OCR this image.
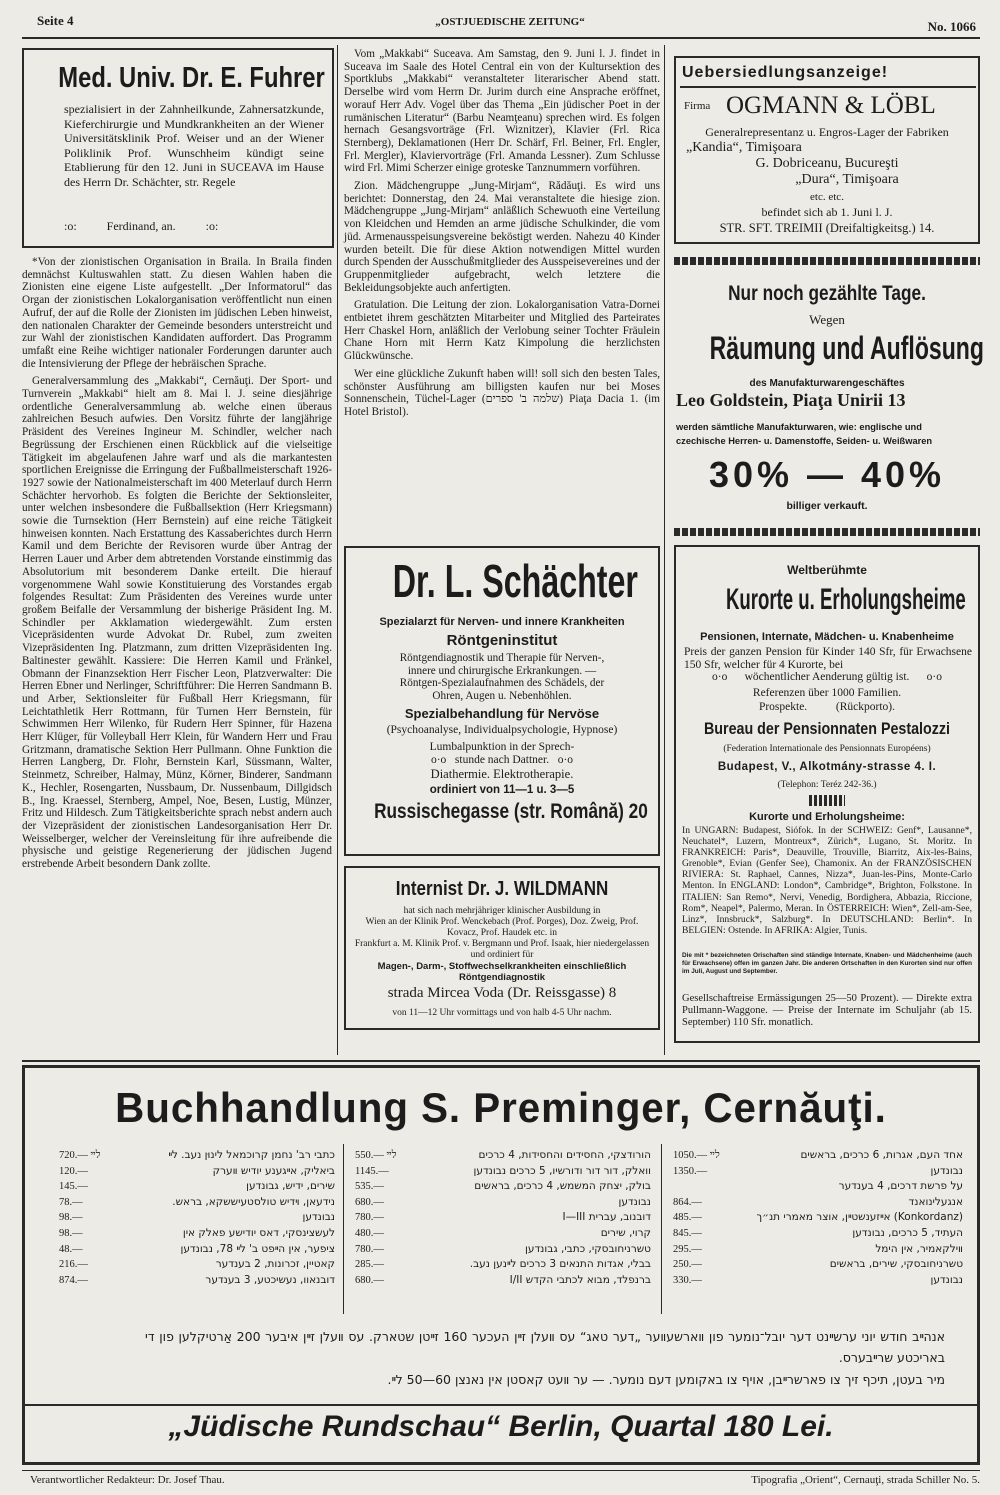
Seite 4	„OSTJUEDISCHE ZEITUNG“	No. 1066
Med. Univ. Dr. E. Fuhrer

spezialisiert in der Zahnheilkunde, Zahnersatzkunde, Kieferchirurgie und Mundkrankheiten an der Wiener Universitätsklinik Prof. Weiser und an der Wiener Poliklinik Prof. Wunschheim kündigt seine Etablierung für den 12. Juni in SUCEAVA im Hause des Herrn Dr. Schächter, str. Regele

:o:          Ferdinand, an.          :o:

*Von der zionistischen Organisation in Braila. In Braila finden demnächst Kultuswahlen statt. Zu diesen Wahlen haben die Zionisten eine eigene Liste aufgestellt. „Der Informatorul“ das Organ der zionistischen Lokalorganisation veröffentlicht nun einen Aufruf, der auf die Rolle der Zionisten im jüdischen Leben hinweist, den nationalen Charakter der Gemeinde besonders unterstreicht und zur Wahl der zionistischen Kandidaten auffordert. Das Programm umfaßt eine Reihe wichtiger nationaler Forderungen darunter auch die Intensivierung der Pflege der hebräischen Sprache.

Generalversammlung des „Makkabi“, Cernăuţi. Der Sport- und Turnverein „Makkabi“ hielt am 8. Mai l. J. seine diesjährige ordentliche Generalversammlung ab. welche einen überaus zahlreichen Besuch aufwies. Den Vorsitz führte der langjährige Präsident des Vereines Ingineur M. Schindler, welcher nach Begrüssung der Erschienen einen Rückblick auf die vielseitige Tätigkeit im abgelaufenen Jahre warf und als die markantesten sportlichen Ereignisse die Erringung der Fußballmeisterschaft 1926-1927 sowie der Nationalmeisterschaft im 400 Meterlauf durch Herrn Schächter hervorhob. Es folgten die Berichte der Sektionsleiter, unter welchen insbesondere die Fußballsektion (Herr Kriegsmann) sowie die Turnsektion (Herr Bernstein) auf eine reiche Tätigkeit hinweisen konnten. Nach Erstattung des Kassaberichtes durch Herrn Kamil und dem Berichte der Revisoren wurde über Antrag der Herren Lauer und Arber dem abtretenden Vorstande einstimmig das Absolutorium mit besonderem Danke erteilt. Die hierauf vorgenommene Wahl sowie Konstituierung des Vorstandes ergab folgendes Resultat: Zum Präsidenten des Vereines wurde unter großem Beifalle der Versammlung der bisherige Präsident Ing. M. Schindler per Akklamation wiedergewählt. Zum ersten Vicepräsidenten wurde Advokat Dr. Rubel, zum zweiten Vizepräsidenten Ing. Platzmann, zum dritten Vizepräsidenten Ing. Baltinester gewählt. Kassiere: Die Herren Kamil und Fränkel, Obmann der Finanzsektion Herr Fischer Leon, Platzverwalter: Die Herren Ebner und Nerlinger, Schriftführer: Die Herren Sandmann B. und Arber, Sektionsleiter für Fußball Herr Kriegsmann, für Leichtathletik Herr Rottmann, für Turnen Herr Bernstein, für Schwimmen Herr Wilenko, für Rudern Herr Spinner, für Hazena Herr Klüger, für Volleyball Herr Klein, für Wandern Herr und Frau Gritzmann, dramatische Sektion Herr Pullmann. Ohne Funktion die Herren Langberg, Dr. Flohr, Bernstein Karl, Süssmann, Walter, Steinmetz, Schreiber, Halmay, Münz, Körner, Binderer, Sandmann K., Hechler, Rosengarten, Nussbaum, Dr. Nussenbaum, Dillgidsch B., Ing. Kraessel, Sternberg, Ampel, Noe, Besen, Lustig, Münzer, Fritz und Hildesch. Zum Tätigkeitsberichte sprach nebst andern auch der Vizepräsident der zionistischen Landesorganisation Herr Dr. Weisselberger, welcher der Vereinsleitung für ihre aufreibende die physische und geistige Regenerierung der jüdischen Jugend erstrebende Arbeit besondern Dank zollte.

Vom „Makkabi“ Suceava. Am Samstag, den 9. Juni l. J. findet in Suceava im Saale des Hotel Central ein von der Kultursektion des Sportklubs „Makkabi“ veranstalteter literarischer Abend statt. Derselbe wird vom Herrn Dr. Jurim durch eine Ansprache eröffnet, worauf Herr Adv. Vogel über das Thema „Ein jüdischer Poet in der rumänischen Literatur“ (Barbu Neamţeanu) sprechen wird. Es folgen hernach Gesangsvorträge (Frl. Wiznitzer), Klavier (Frl. Rica Sternberg), Deklamationen (Herr Dr. Schärf, Frl. Beiner, Frl. Engler, Frl. Mergler), Klaviervorträge (Frl. Amanda Lessner). Zum Schlusse wird Frl. Mimi Scherzer einige groteske Tanznummern vorführen.

Zion. Mädchengruppe „Jung-Mirjam“, Rădăuţi. Es wird uns berichtet: Donnerstag, den 24. Mai veranstaltete die hiesige zion. Mädchengruppe „Jung-Mirjam“ anläßlich Schewuoth eine Verteilung von Kleidchen und Hemden an arme jüdische Schulkinder, die vom jüd. Armenausspeisungsvereine beköstigt werden. Nahezu 40 Kinder wurden beteilt. Die für diese Aktion notwendigen Mittel wurden durch Spenden der Ausschußmitglieder des Ausspeisevereines und der Gruppenmitglieder aufgebracht, welch letztere die Bekleidungsobjekte auch anfertigten.

Gratulation. Die Leitung der zion. Lokalorganisation Vatra-Dornei entbietet ihrem geschätzten Mitarbeiter und Mitglied des Parteirates Herr Chaskel Horn, anläßlich der Verlobung seiner Tochter Fräulein Chane Horn mit Herrn Katz Kimpolung die herzlichsten Glückwünsche.

Wer eine glückliche Zukunft haben will! soll sich den besten Tales, schönster Ausführung am billigsten kaufen nur bei Moses Sonnenschein, Tüchel-Lager (שלמה ב' ספרים) Piaţa Dacia 1. (im Hotel Bristol).

Dr. L. Schächter
Spezialarzt für Nerven- und innere Krankheiten
Röntgeninstitut

Röntgendiagnostik und Therapie für Nerven-, innere und chirurgische Erkrankungen. — Röntgen-Spezialaufnahmen des Schädels, der Ohren, Augen u. Nebenhöhlen.

Spezialbehandlung für Nervöse
(Psychoanalyse, Individualpsychologie, Hypnose)
Lumbalpunktion in der Sprech-
o·o   stunde nach Dattner.   o·o
Diathermie. Elektrotherapie.
ordiniert von 11—1 u. 3—5
Russischegasse (str. Română) 20
Internist Dr. J. WILDMANN

hat sich nach mehrjähriger klinischer Ausbildung in

Wien an der Klinik Prof. Wenckebach (Prof. Porges), Doz. Zweig, Prof. Kovacz, Prof. Haudek etc. in

Frankfurt a. M. Klinik Prof. v. Bergmann und Prof. Isaak, hier niedergelassen und ordiniert für

Magen-, Darm-, Stoffwechselkrankheiten einschließlich Röntgendiagnostik

strada Mircea Voda (Dr. Reissgasse) 8
von 11—12 Uhr vormittags und von halb 4-5 Uhr nachm.
Uebersiedlungsanzeige!
Firma OGMANN & LÖBL
Generalrepresentanz u. Engros-Lager der Fabriken
„Kandia“, Timişoara
G. Dobriceanu, Bucureşti
„Dura“, Timişoara
etc. etc.
befindet sich ab 1. Juni l. J.
STR. SFT. TREIMII (Dreifaltigkeitsg.) 14.
Nur noch gezählte Tage.
Wegen
Räumung und Auflösung
des Manufakturwarengeschäftes
Leo Goldstein, Piaţa Unirii 13
werden sämtliche Manufakturwaren, wie: englische und
czechische Herren- u. Damenstoffe, Seiden- u. Weißwaren
30% — 40%
billiger verkauft.
Weltberühmte
Kurorte u. Erholungsheime
Pensionen, Internate, Mädchen- u. Knabenheime

Preis der ganzen Pension für Kinder 140 Sfr, für Erwachsene 150 Sfr, welcher für 4 Kurorte, bei

o·o      wöchentlicher Aenderung gültig ist.      o·o
Referenzen über 1000 Familien.
Prospekte.          (Rückporto).
Bureau der Pensionnaten Pestalozzi
(Federation Internationale des Pensionnats Européens)
Budapest, V., Alkotmány-strasse 4. I.
(Telephon: Teréz 242-36.)
Kurorte und Erholungsheime:

In UNGARN: Budapest, Siófok. In der SCHWEIZ: Genf*, Lausanne*, Neuchatel*, Luzern, Montreux*, Zürich*, Lugano, St. Moritz. In FRANKREICH: Paris*, Deauville, Trouville, Biarritz, Aix-les-Bains, Grenoble*, Evian (Genfer See), Chamonix. An der FRANZÖSISCHEN RIVIERA: St. Raphael, Cannes, Nizza*, Juan-les-Pins, Monte-Carlo Menton. In ENGLAND: London*, Cambridge*, Brighton, Folkstone. In ITALIEN: San Remo*, Nervi, Venedig, Bordighera, Abbazia, Riccione, Rom*, Neapel*, Palermo, Meran. In ÖSTERREICH: Wien*, Zell-am-See, Linz*, Innsbruck*, Salzburg*. In DEUTSCHLAND: Berlin*. In BELGIEN: Ostende. In AFRIKA: Algier, Tunis.

Die mit * bezeichneten Orischaften sind ständige Internate, Knaben- und Mädchenheime (auch für Erwachsene) offen im ganzen Jahr. Die anderen Ortschaften in den Kurorten sind nur offen im Juli, August und September.

Gesellschaftreise Ermässigungen 25—50 Prozent). — Direkte extra Pullmann-Waggone. — Preise der Internate im Schuljahr (ab 15. September) 110 Sfr. monatlich.

Buchhandlung S. Preminger, Cernăuţi.
720.— לײ	כתבי רב' נחמן קרוכמאל לינוּן נעב. לײ
120.—	ביאליק, אײגענע יודיש װערק
145.—	שירים, ידיש, גבונדען
78.—	נידעאן, ױדיש טולסטעיששקא, בראש.
98.—	נבונדען
98.—	לעשצינסקי, דאס יודישע פאלק אין
48.—	ציפער, אין הײפט ב' לײ 78, נבונדען
216.—	קאטיין, זכרונות, 2 בענדער
874.—	דובנאוו, נעשיכטע, 3 בענדער
550.— לײ	הורודצקי, החסידים והחסידות, 4 כרכים
1145.—	וואלק, דור דור ודורשיו, 5 כרכים נבונדען
535.—	בולק, יצחק המשמש, 4 כרכים, בראשים
680.—	נבונדען
780.—	דובנוב, עברית I—III
480.—	קרוי, שירים
780.—	טשרניחובסקי, כתבי, גבונדען
285.—	בבלי, אגדות התנאים 3 כרכים לײנען נעב.
680.—	ברנפלד, מבוא לכתבי הקדש I/II
1050.— לײ	אחד העם, אגרות, 6 כרכים, בראשים
1350.—	נבונדען
על פרשת דרכים, 4 בענדער
864.—	אנגעלינואנד
485.—	(Konkordanz) אײזענשטײן, אוצר מאמרי תנ״ך
845.—	העתיד, 5 כרכים, נבונדען
295.—	װילקאמיר, אין הימל
250.—	טשרניחובסקי, שירים, בראשים
330.—	נבונדען

אנהײב חודש יוני ערשײנט דער יובל־נומער פון װארשעװער „דער טאג“ עס װעלן זײן העכער 160 זײטן שטארק. עס װעלן זײן איבער 200 אַרטיקלען פון די באריכטע שרײבערס.

מיר בעטן, תיכף זיך צו פארשרײבן, אויף צו באקומען דעם נומער. — ער װעט קאסטן אין נאנצן 60—50 לײ.

„Jüdische Rundschau“ Berlin, Quartal 180 Lei.
Verantwortlicher Redakteur: Dr. Josef Thau.	Tipografia „Orient“, Cernauţi, strada Schiller No. 5.
